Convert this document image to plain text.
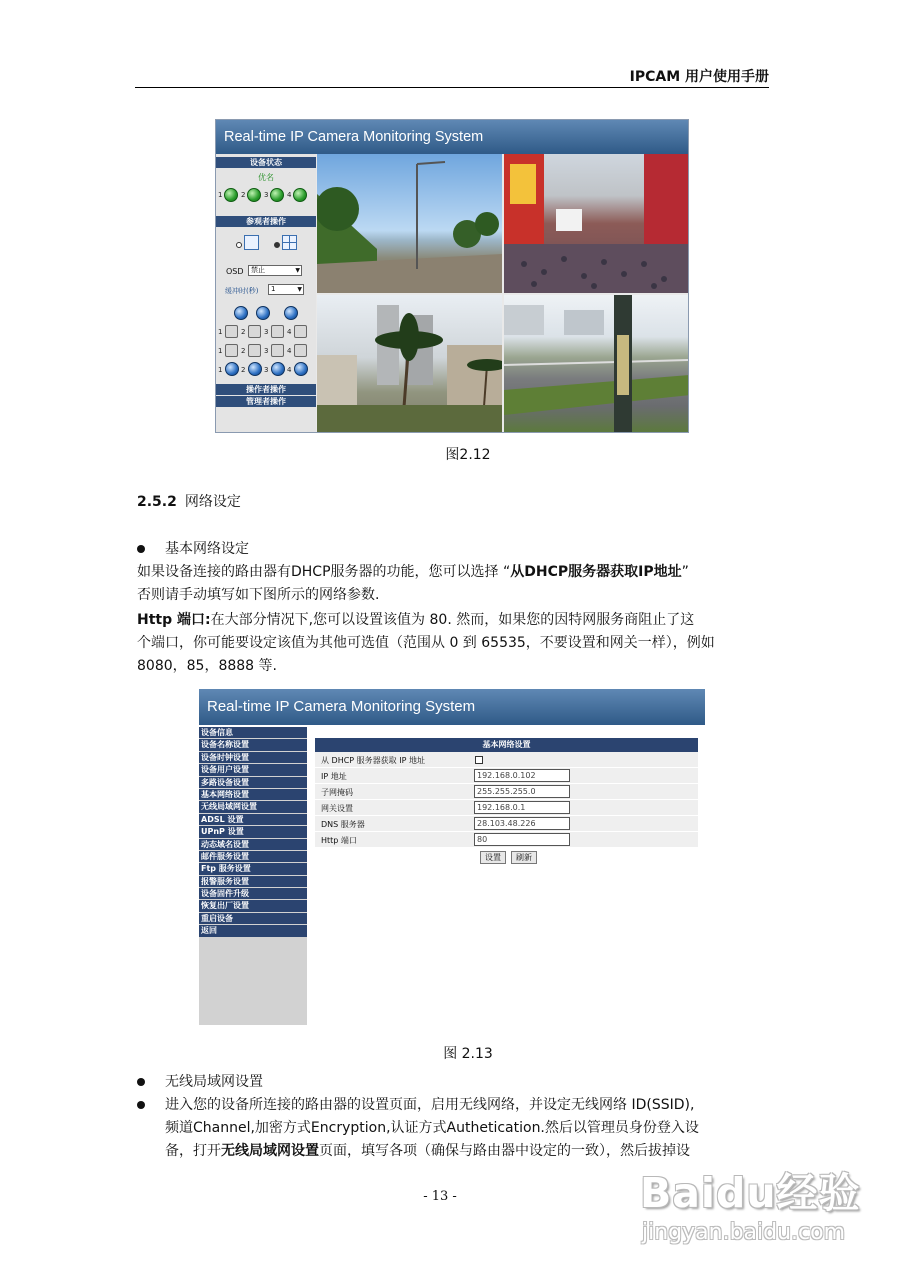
IPCAM 用户使用手册
Real-time IP Camera Monitoring System
设备状态
优名
1	2	3	4
参观者操作
OSD	禁止 ▼
缓冲时(秒)	1 ▼
1	2	3	4
1	2	3	4
1	2	3	4
操作者操作
管理者操作
图2.12
2.5.2 网络设定
基本网络设定
如果设备连接的路由器有DHCP服务器的功能，您可以选择 “从DHCP服务器获取IP地址”
否则请手动填写如下图所示的网络参数.
Http 端口:在大部分情况下,您可以设置该值为 80. 然而，如果您的因特网服务商阻止了这
个端口，你可能要设定该值为其他可选值（范围从 0 到 65535，不要设置和网关一样），例如
8080，85，8888 等.
Real-time IP Camera Monitoring System
设备信息
设备名称设置
设备时钟设置
设备用户设置
多路设备设置
基本网络设置
无线局域网设置
ADSL 设置
UPnP 设置
动态域名设置
邮件服务设置
Ftp 服务设置
报警服务设置
设备固件升级
恢复出厂设置
重启设备
返回
基本网络设置
从 DHCP 服务器获取 IP 地址
IP 地址	192.168.0.102
子网掩码	255.255.255.0
网关设置	192.168.0.1
DNS 服务器	28.103.48.226
Http 端口	80
设置	刷新
图 2.13
无线局域网设置
进入您的设备所连接的路由器的设置页面，启用无线网络，并设定无线网络 ID(SSID),
频道Channel,加密方式Encryption,认证方式Authetication.然后以管理员身份登入设
备，打开无线局域网设置页面，填写各项（确保与路由器中设定的一致），然后拔掉设
- 13 -	Baidu经验
jingyan.baidu.com
